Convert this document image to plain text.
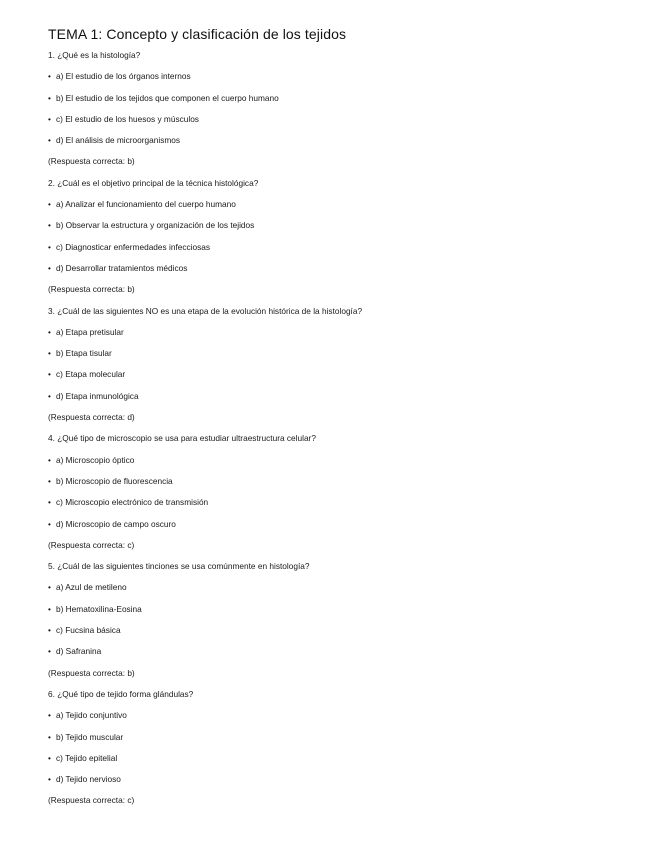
TEMA 1: Concepto y clasificación de los tejidos
1. ¿Qué es la histología?
• a) El estudio de los órganos internos
• b) El estudio de los tejidos que componen el cuerpo humano
• c) El estudio de los huesos y músculos
• d) El análisis de microorganismos
(Respuesta correcta: b)
2. ¿Cuál es el objetivo principal de la técnica histológica?
• a) Analizar el funcionamiento del cuerpo humano
• b) Observar la estructura y organización de los tejidos
• c) Diagnosticar enfermedades infecciosas
• d) Desarrollar tratamientos médicos
(Respuesta correcta: b)
3. ¿Cuál de las siguientes NO es una etapa de la evolución histórica de la histología?
• a) Etapa pretisular
• b) Etapa tisular
• c) Etapa molecular
• d) Etapa inmunológica
(Respuesta correcta: d)
4. ¿Qué tipo de microscopio se usa para estudiar ultraestructura celular?
• a) Microscopio óptico
• b) Microscopio de fluorescencia
• c) Microscopio electrónico de transmisión
• d) Microscopio de campo oscuro
(Respuesta correcta: c)
5. ¿Cuál de las siguientes tinciones se usa comúnmente en histología?
• a) Azul de metileno
• b) Hematoxilina-Eosina
• c) Fucsina básica
• d) Safranina
(Respuesta correcta: b)
6. ¿Qué tipo de tejido forma glándulas?
• a) Tejido conjuntivo
• b) Tejido muscular
• c) Tejido epitelial
• d) Tejido nervioso
(Respuesta correcta: c)
